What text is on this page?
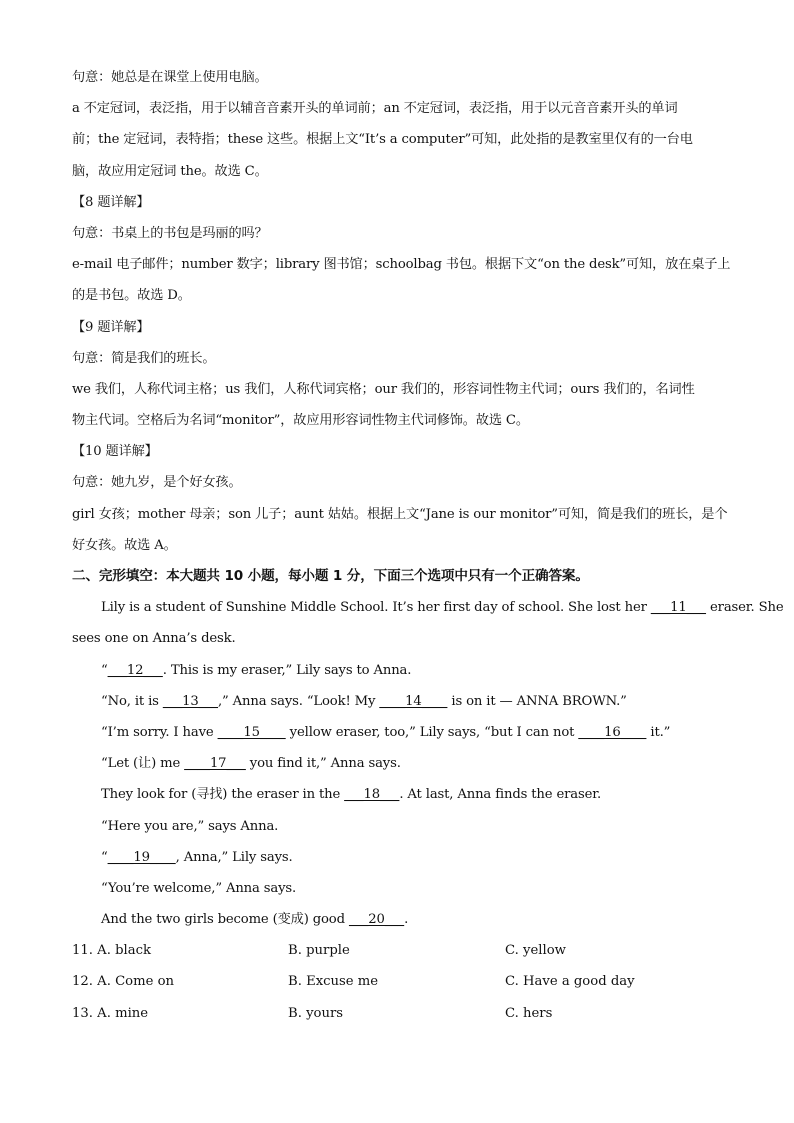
句意：她总是在课堂上使用电脑。
a 不定冠词，表泛指，用于以辅音音素开头的单词前；an 不定冠词，表泛指，用于以元音音素开头的单词
前；the 定冠词，表特指；these 这些。根据上文“It’s a computer”可知，此处指的是教室里仅有的一台电
脑，故应用定冠词 the。故选 C。
【8 题详解】
句意：书桌上的书包是玛丽的吗？
e-mail 电子邮件；number 数字；library 图书馆；schoolbag 书包。根据下文“on the desk”可知，放在桌子上
的是书包。故选 D。
【9 题详解】
句意：简是我们的班长。
we 我们，人称代词主格；us 我们，人称代词宾格；our 我们的，形容词性物主代词；ours 我们的，名词性
物主代词。空格后为名词“monitor”，故应用形容词性物主代词修饰。故选 C。
【10 题详解】
句意：她九岁，是个好女孩。
girl 女孩；mother 母亲；son 儿子；aunt 姑姑。根据上文“Jane is our monitor”可知，简是我们的班长，是个
好女孩。故选 A。
二、完形填空：本大题共 10 小题，每小题 1 分，下面三个选项中只有一个正确答案。
Lily is a student of Sunshine Middle School. It’s her first day of school. She lost her ___11___ eraser. She
sees one on Anna’s desk.
“___12___. This is my eraser,” Lily says to Anna.
“No, it is ___13___,” Anna says. “Look! My ____14____ is on it — ANNA BROWN.”
“I’m sorry. I have ____15____ yellow eraser, too,” Lily says, “but I can not ____16____ it.”
“Let (让) me ____17___ you find it,” Anna says.
They look for (寻找) the eraser in the ___18___. At last, Anna finds the eraser.
“Here you are,” says Anna.
“____19____, Anna,” Lily says.
“You’re welcome,” Anna says.
And the two girls become (变成) good ___20___.
11. A. black	B. purple	C. yellow
12. A. Come on	B. Excuse me	C. Have a good day
13. A. mine	B. yours	C. hers
